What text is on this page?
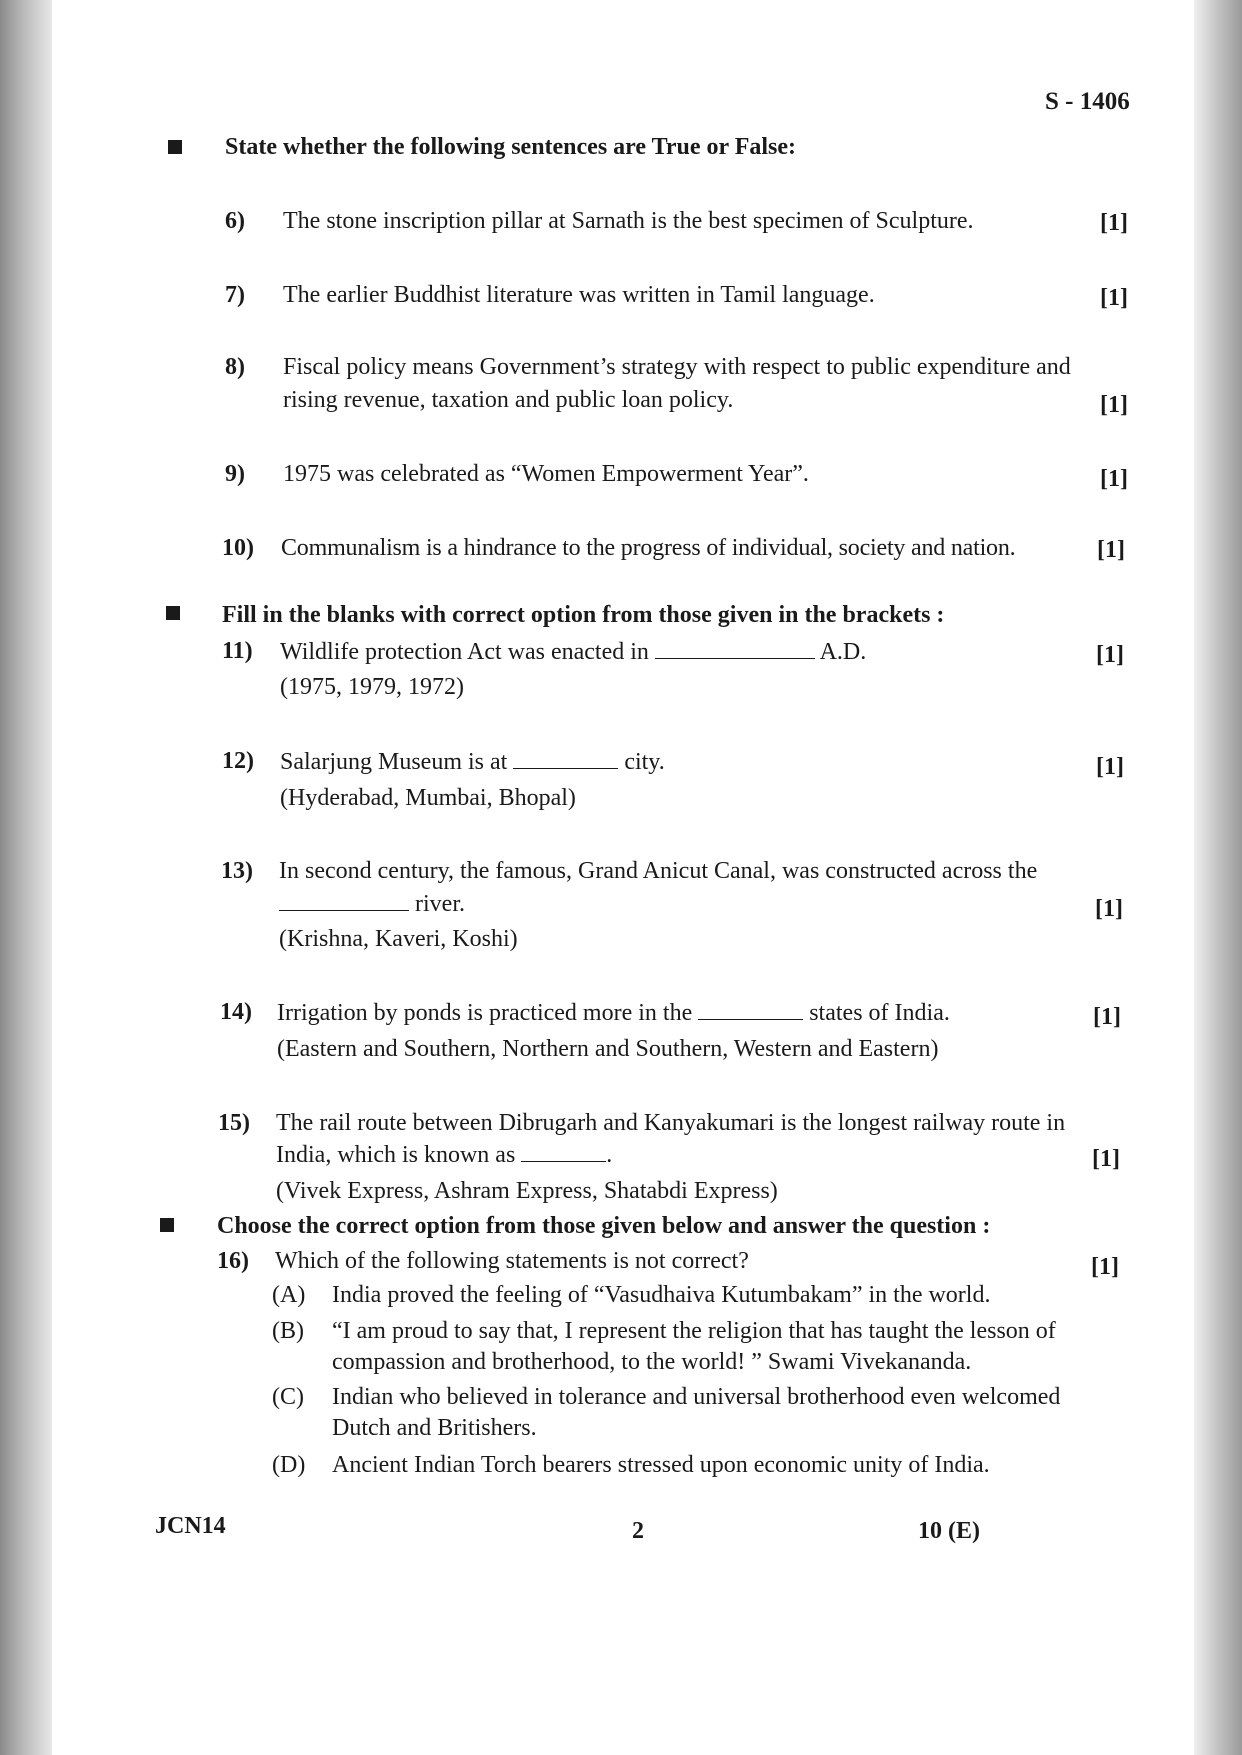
S - 1406
State whether the following sentences are True or False:
6) The stone inscription pillar at Sarnath is the best specimen of Sculpture.	[1]
7) The earlier Buddhist literature was written in Tamil language.	[1]
8) Fiscal policy means Government’s strategy with respect to public expenditure and
rising revenue, taxation and public loan policy.	[1]
9) 1975 was celebrated as “Women Empowerment Year”.	[1]
10) Communalism is a hindrance to the progress of individual, society and nation.	[1]
Fill in the blanks with correct option from those given in the brackets :
11) Wildlife protection Act was enacted in	A.D.
(1975, 1979, 1972)
[1]
12) Salarjung Museum is at	city.
(Hyderabad, Mumbai, Bhopal)
[1]
13) In second century, the famous, Grand Anicut Canal, was constructed across the
river.
(Krishna, Kaveri, Koshi)
[1]
14) Irrigation by ponds is practiced more in the	states of India.
(Eastern and Southern, Northern and Southern, Western and Eastern)
[1]
15) The rail route between Dibrugarh and Kanyakumari is the longest railway route in
India, which is known as	.
(Vivek Express, Ashram Express, Shatabdi Express)
[1]
Choose the correct option from those given below and answer the question :
16) Which of the following statements is not correct?	[1]
(A) India proved the feeling of “Vasudhaiva Kutumbakam” in the world.
(B) “I am proud to say that, I represent the religion that has taught the lesson of
compassion and brotherhood, to the world! ” Swami Vivekananda.
(C) Indian who believed in tolerance and universal brotherhood even welcomed
Dutch and Britishers.
(D) Ancient Indian Torch bearers stressed upon economic unity of India.
JCN14	2	10 (E)
